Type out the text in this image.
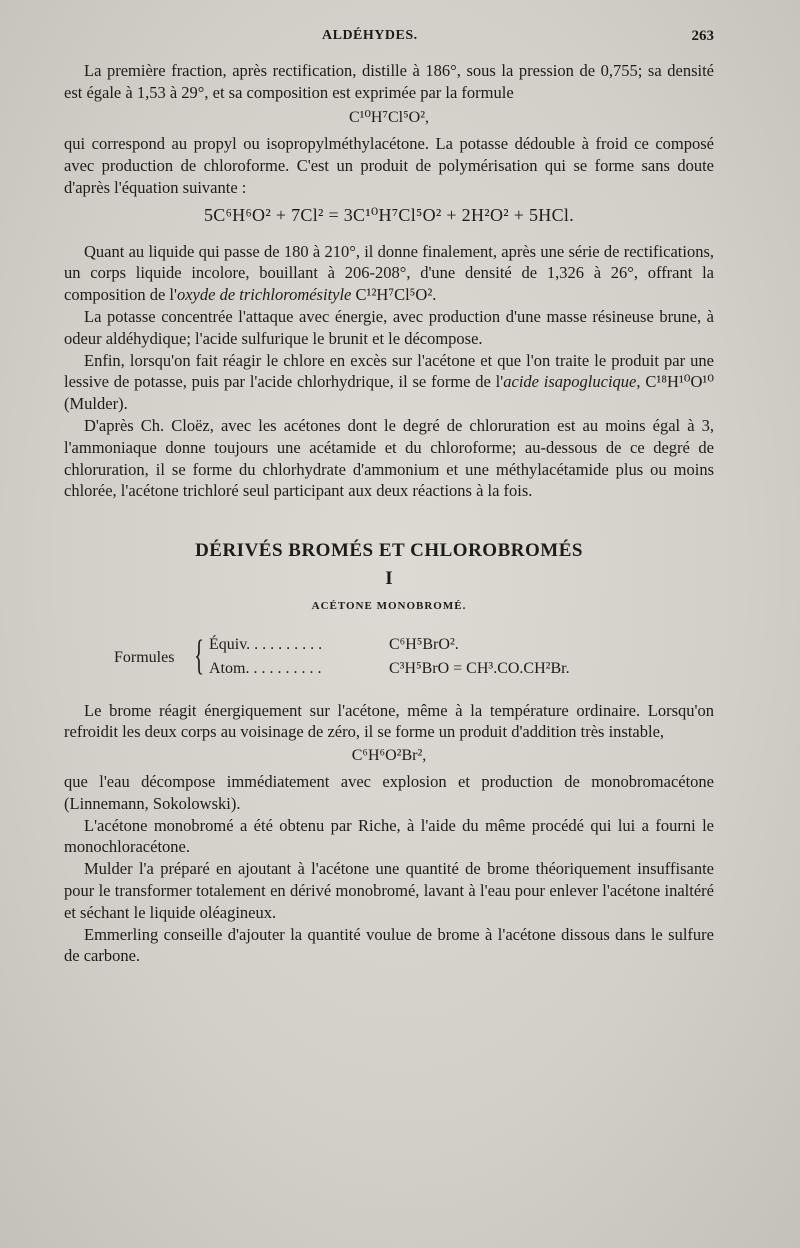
ALDÉHYDES.	263

La première fraction, après rectification, distille à 186°, sous la pression de 0,755; sa densité est égale à 1,53 à 29°, et sa composition est exprimée par la formule

C¹⁰H⁷Cl⁵O²,

qui correspond au propyl ou isopropylméthylacétone. La potasse dédouble à froid ce composé avec production de chloroforme. C'est un produit de polymérisation qui se forme sans doute d'après l'équation suivante :

5C⁶H⁶O² + 7Cl² = 3C¹⁰H⁷Cl⁵O² + 2H²O² + 5HCl.

Quant au liquide qui passe de 180 à 210°, il donne finalement, après une série de rectifications, un corps liquide incolore, bouillant à 206-208°, d'une densité de 1,326 à 26°, offrant la composition de l'oxyde de trichloromésityle C¹²H⁷Cl⁵O².

La potasse concentrée l'attaque avec énergie, avec production d'une masse résineuse brune, à odeur aldéhydique; l'acide sulfurique le brunit et le décompose.

Enfin, lorsqu'on fait réagir le chlore en excès sur l'acétone et que l'on traite le produit par une lessive de potasse, puis par l'acide chlorhydrique, il se forme de l'acide isapoglucique, C¹⁸H¹⁰O¹⁰ (Mulder).

D'après Ch. Cloëz, avec les acétones dont le degré de chloruration est au moins égal à 3, l'ammoniaque donne toujours une acétamide et du chloroforme; au-dessous de ce degré de chloruration, il se forme du chlorhydrate d'ammonium et une méthylacétamide plus ou moins chlorée, l'acétone trichloré seul participant aux deux réactions à la fois.

DÉRIVÉS BROMÉS ET CHLOROBROMÉS
I
ACÉTONE MONOBROMÉ.
Formules { Équiv. . . . . . . . . .	C⁶H⁵BrO².
Atom. . . . . . . . . .	C³H⁵BrO = CH³.CO.CH²Br.

Le brome réagit énergiquement sur l'acétone, même à la température ordinaire. Lorsqu'on refroidit les deux corps au voisinage de zéro, il se forme un produit d'addition très instable,

C⁶H⁶O²Br²,

que l'eau décompose immédiatement avec explosion et production de monobromacétone (Linnemann, Sokolowski).

L'acétone monobromé a été obtenu par Riche, à l'aide du même procédé qui lui a fourni le monochloracétone.

Mulder l'a préparé en ajoutant à l'acétone une quantité de brome théoriquement insuffisante pour le transformer totalement en dérivé monobromé, lavant à l'eau pour enlever l'acétone inaltéré et séchant le liquide oléagineux.

Emmerling conseille d'ajouter la quantité voulue de brome à l'acétone dissous dans le sulfure de carbone.
